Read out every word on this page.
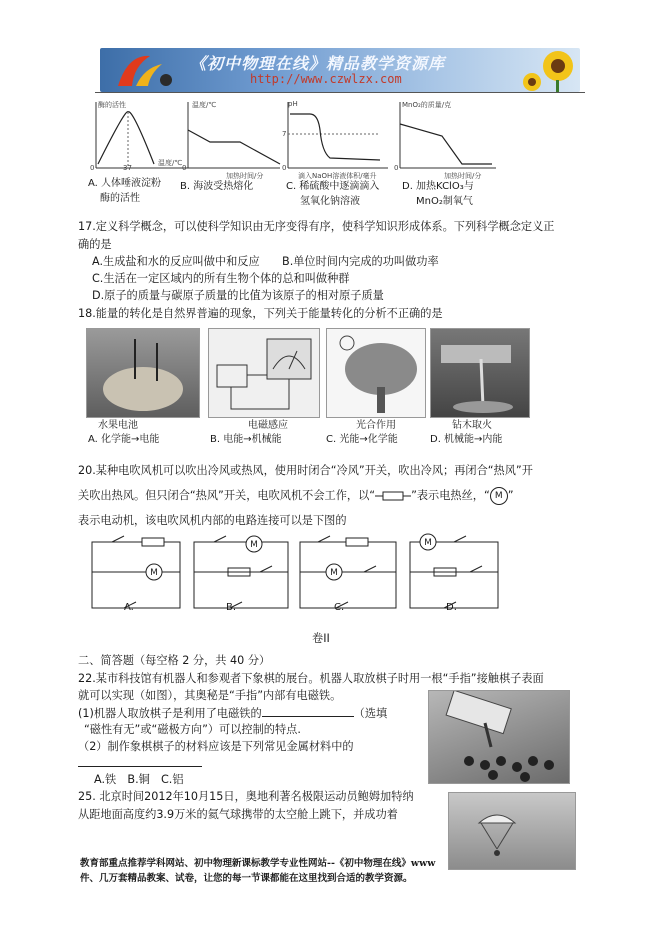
《初中物理在线》精品教学资源库
http://www.czwlzx.com
酶的活性
温度/℃
0	37
A. 人体唾液淀粉
酶的活性
温度/℃
加热时间/分
0
B. 海波受热熔化
pH
7
0
滴入NaOH溶液体积/毫升
C. 稀硫酸中逐滴滴入
氢氧化钠溶液
MnO₂的质量/克
加热时间/分
0
D. 加热KClO₃与
MnO₂制氧气
17.定义科学概念，可以使科学知识由无序变得有序，使科学知识形成体系。下列科学概念定义正
确的是
A.生成盐和水的反应叫做中和反应　　B.单位时间内完成的功叫做功率
C.生活在一定区域内的所有生物个体的总和叫做种群
D.原子的质量与碳原子质量的比值为该原子的相对原子质量
18.能量的转化是自然界普遍的现象，下列关于能量转化的分析不正确的是
水果电池
A. 化学能→电能
电磁感应
B. 电能→机械能
光合作用
C. 光能→化学能
钻木取火
D. 机械能→内能
20.某种电吹风机可以吹出冷风或热风，使用时闭合“冷风”开关，吹出冷风；再闭合“热风”开
关吹出热风。但只闭合“热风”开关，电吹风机不会工作，以“	”表示电热丝，“ M ”
表示电动机，该电吹风机内部的电路连接可以是下图的
M
M
M
M
A.	B.	C.	D.
卷II
二、简答题（每空格 2 分，共 40 分）
22.某市科技馆有机器人和参观者下象棋的展台。机器人取放棋子时用一根“手指”接触棋子表面
就可以实现（如图），其奥秘是“手指”内部有电磁铁。
(1)机器人取放棋子是利用了电磁铁的	（选填
“磁性有无”或“磁极方向”）可以控制的特点.
（2）制作象棋棋子的材料应该是下列常见金属材料中的
A.铁　B.铜　C.铝
25. 北京时间2012年10月15日，奥地利著名极限运动员鲍姆加特纳
从距地面高度约3.9万米的氦气球携带的太空舱上跳下，并成功着
教育部重点推荐学科网站、初中物理新课标教学专业性网站--《初中物理在线》www
件、几万套精品教案、试卷，让您的每一节课都能在这里找到合适的教学资源。
